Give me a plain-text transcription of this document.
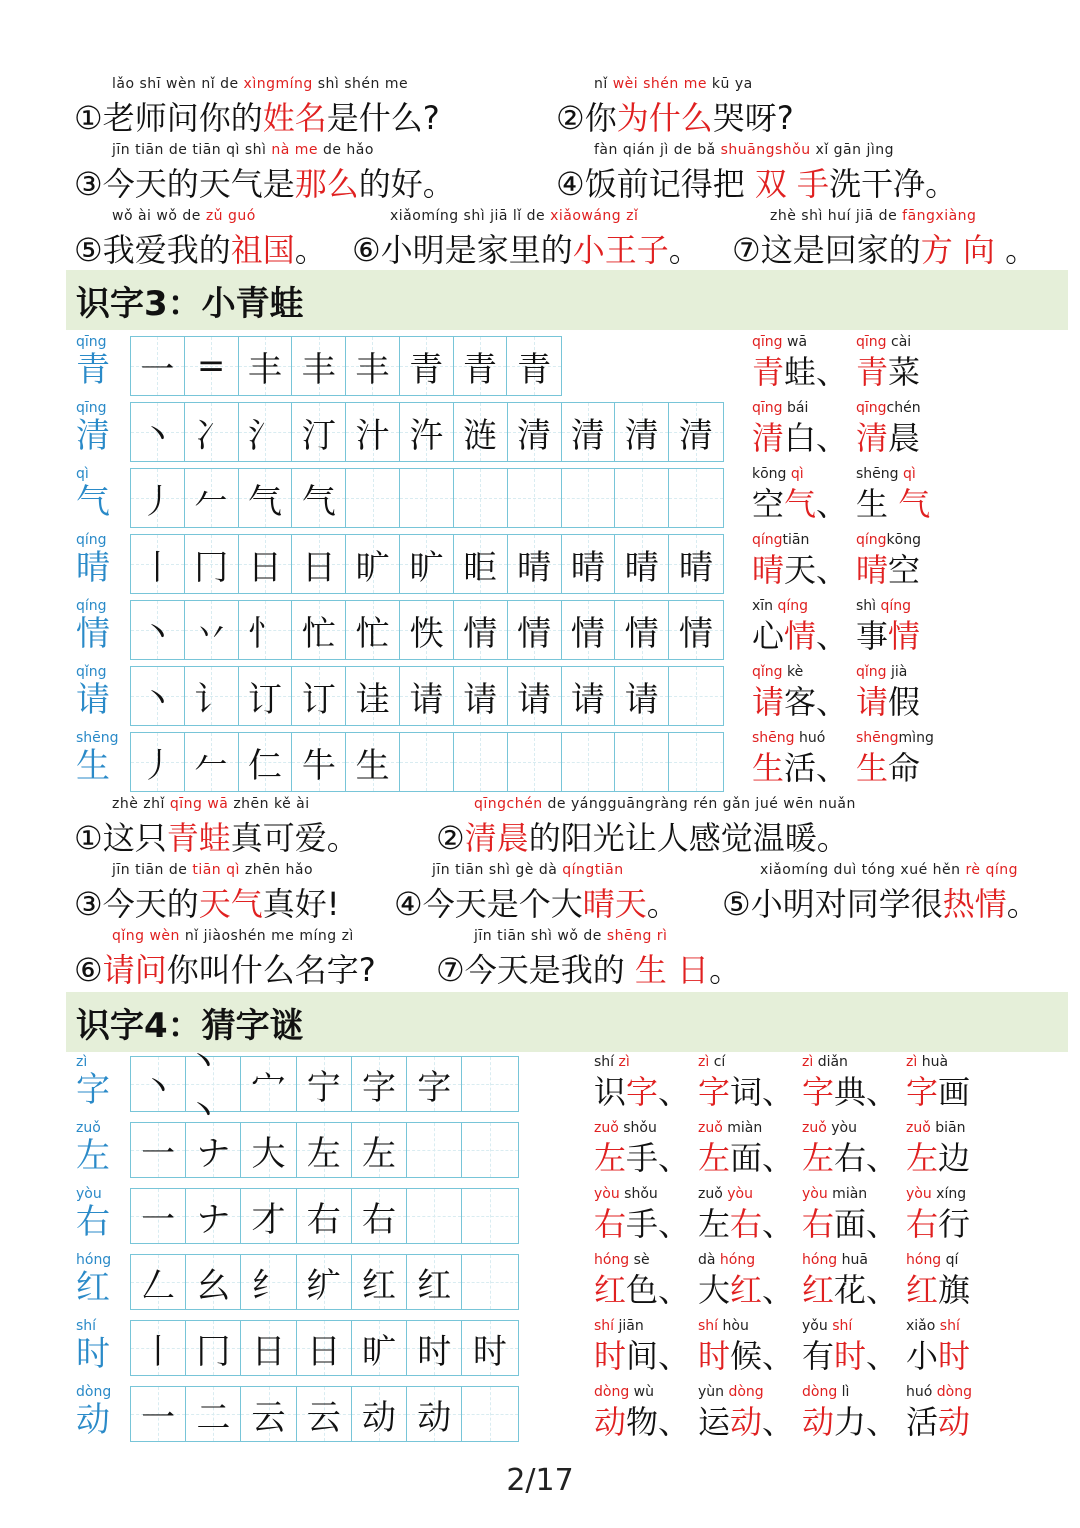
lǎo shī wèn nǐ de xìngmíng shì shén me
①老师问你的姓名是什么?
nǐ wèi shén me kū ya
②你为什么哭呀?
jīn tiān de tiān qì shì nà me de hǎo
③今天的天气是那么的好。
fàn qián jì de bǎ shuāngshǒu xǐ gān jìng
④饭前记得把 双 手洗干净。
wǒ ài wǒ de zǔ guó
⑤我爱我的祖国。
xiǎomíng shì jiā lǐ de xiǎowáng zǐ
⑥小明是家里的小王子。
zhè shì huí jiā de fāngxiàng
⑦这是回家的方 向 。
识字3：小青蛙
qīng
青 一 = 丰 丰 丰 青 青 青
qīng wā
青蛙、
qīng cài
青菜
qīng
清 丶 冫 氵 汀 汁 汻 涟 清 清 清 清
qīng bái
清白、
qīngchén
清晨
qì
气 丿 𠂉 气 气
kōng qì
空气、
shēng qì
生 气
qíng
晴 丨 冂 日 日 旷 旷 昛 晴 晴 晴 晴
qíngtiān
晴天、
qíngkōng
晴空
qíng
情 丶 丷 忄 忙 忙 怢 情 情 情 情 情
xīn qíng
心情、
shì qíng
事情
qǐng
请 丶 讠 订 订 诖 请 请 请 请 请
qǐng kè
请客、
qǐng jià
请假
shēng
生 丿 𠂉 仁 牛 生
shēng huó
生活、
shēngmìng
生命
zhè zhǐ qīng wā zhēn kě ài
①这只青蛙真可爱。
qīngchén de yángguāngràng rén gǎn jué wēn nuǎn
②清晨的阳光让人感觉温暖。
jīn tiān de tiān qì zhēn hǎo
③今天的天气真好!
jīn tiān shì gè dà qíngtiān
④今天是个大晴天。
xiǎomíng duì tóng xué hěn rè qíng
⑤小明对同学很热情。
qǐng wèn nǐ jiàoshén me míng zì
⑥请问你叫什么名字?
jīn tiān shì wǒ de shēng rì
⑦今天是我的 生 日。
识字4：猜字谜
zì
字 丶
丶丶
宀 宁 字 字
shí zì
识字、
zì cí
字词、
zì diǎn
字典、
zì huà
字画
zuǒ
左 一 ナ 大 左 左
zuǒ shǒu
左手、
zuǒ miàn
左面、
zuǒ yòu
左右、
zuǒ biān
左边
yòu
右 一 ナ 才 右 右
yòu shǒu
右手、
zuǒ yòu
左右、
yòu miàn
右面、
yòu xíng
右行
hóng
红 𠃋 幺 纟 纩 红 红
hóng sè
红色、
dà hóng
大红、
hóng huā
红花、
hóng qí
红旗
shí
时 丨 冂 日 日 旷 时 时
shí jiān
时间、
shí hòu
时候、
yǒu shí
有时、
xiǎo shí
小时
dòng
动 一 二 云 云 动 动
dòng wù
动物、
yùn dòng
运动、
dòng lì
动力、
huó dòng
活动
2/17
